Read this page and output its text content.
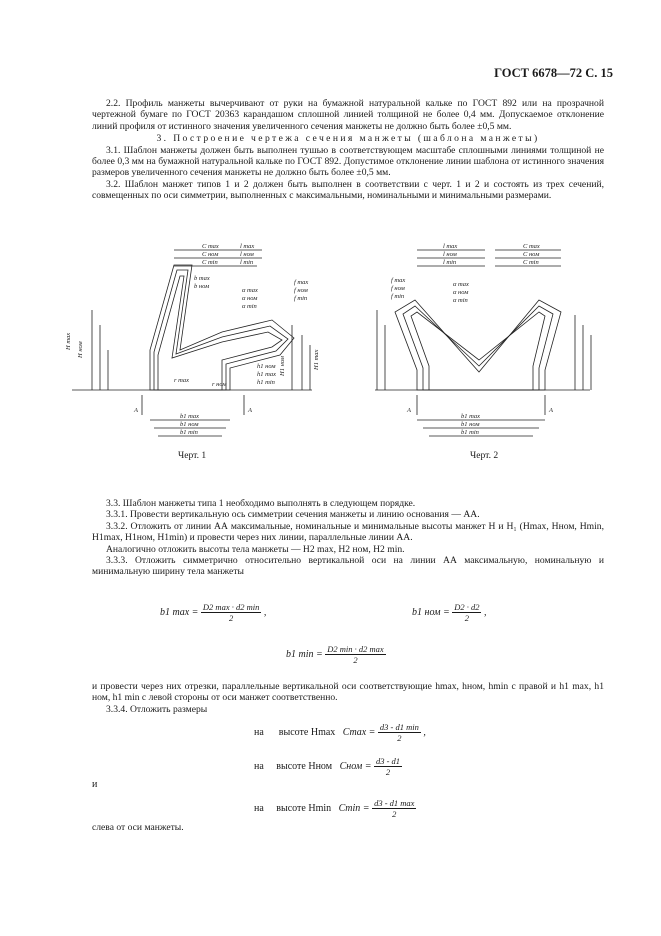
ГОСТ 6678—72 С. 15

2.2. Профиль манжеты вычерчивают от руки на бумажной натуральной кальке по ГОСТ 892 или на прозрачной чертежной бумаге по ГОСТ 20363 карандашом сплошной линией толщиной не более 0,4 мм. Допускаемое отклонение линий профиля от истинного значения увеличенного сечения манжеты не должно быть более ±0,5 мм.

3. Построение чертежа сечения манжеты (шаблона манжеты)

3.1. Шаблон манжеты должен быть выполнен тушью в соответствующем масштабе сплошными линиями толщиной не более 0,3 мм на бумажной натуральной кальке по ГОСТ 892. Допустимое отклонение линии шаблона от истинного значения размеров увеличенного сечения манжеты не должно быть более ±0,5 мм.

3.2. Шаблон манжет типов 1 и 2 должен быть выполнен в соответствии с черт. 1 и 2 и состоять из трех сечений, совмещенных по оси симметрии, выполненных с максимальными, номинальными и минимальными размерами.

C max
C ном
C min
l max
l ном
l min
b max
b ном
α max
α ном
α min
f max
f ном
f min
r max
r ном
h1 ном
h1 max
h1 min
H max H ном	H1 max
H1 ном
b1 max
b1 ном
b1 min
A	A
Черт. 1
l max
l ном
l min
C max
C ном
C min
f max
f ном
f min
α max
α ном
α min
b1 max
b1 ном
b1 min
A	A
Черт. 2

3.3. Шаблон манжеты типа 1 необходимо выполнять в следующем порядке.

3.3.1. Провести вертикальную ось симметрии сечения манжеты и линию основания — АА.

3.3.2. Отложить от линии АА максимальные, номинальные и минимальные высоты манжет H и H₁ (Hmax, Hном, Hmin, H1max, H1ном, H1min) и провести через них линии, параллельные линии АА.

Аналогично отложить высоты тела манжеты — H2 max, H2 ном, H2 min.

3.3.3. Отложить симметрично относительно вертикальной оси на линии АА максимальную, номинальную и минимальную ширину тела манжеты

b1 $\max = \frac{D2 \max \cdot d2 \min}{2}$ ,	b1 ном = $\frac{D2 \cdot d2}{2}$ ,
b1 $\min = \frac{D2 \min \cdot d2 \max}{2}$

и провести через них отрезки, параллельные вертикальной оси соответствующие hmax, hном, hmin с правой и h1 max, h1 ном, h1 min с левой стороны от оси манжет соответственно.

3.3.4. Отложить размеры

на высоте Hmax $Cmax = \frac{d3 - d1 \min}{2}$ ,
на высоте Hном Cном = $\frac{d3 - d1}{2}$
и
на высоте Hmin $Cmin = \frac{d3 - d1 \max}{2}$

слева от оси манжеты.
